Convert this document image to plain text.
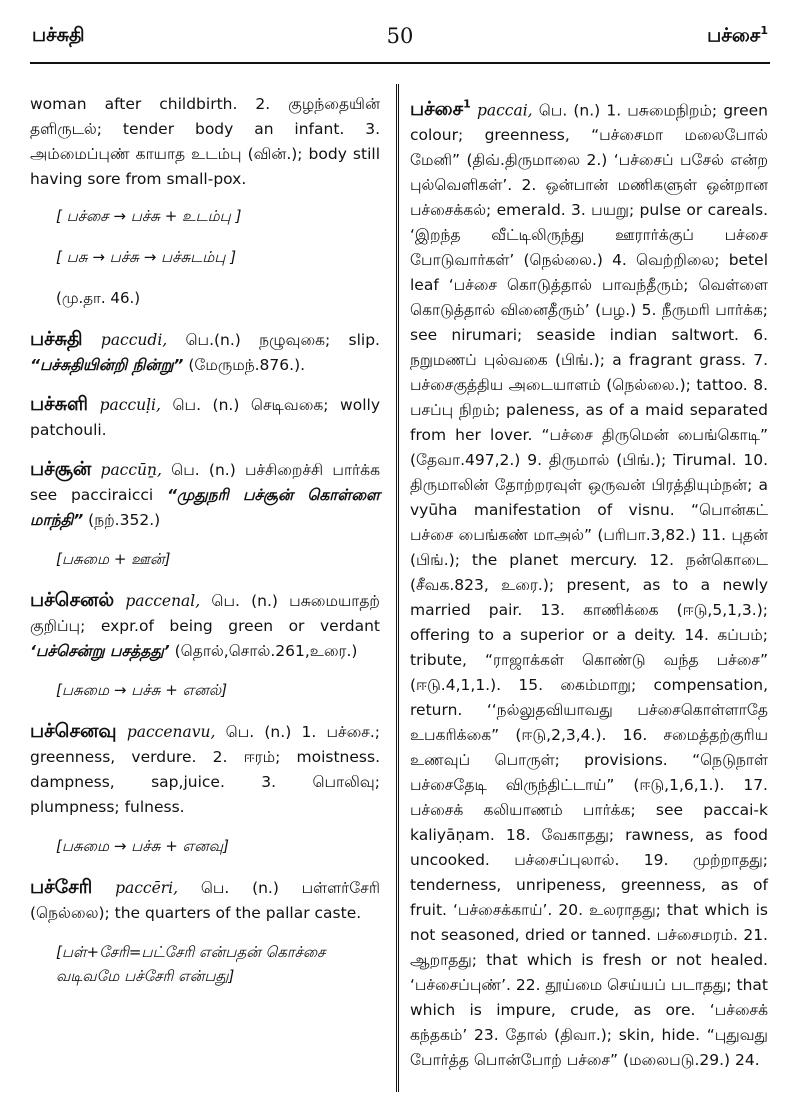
பச்சுதி	50	பச்சை$^1$

woman after childbirth. 2. குழந்தையின் தளிருடல்; tender body an infant. 3. அம்மைப்புண் காயாத உடம்பு (வின்.); body still having sore from small-pox.

[ பச்சை → பச்சு + உடம்பு ]
[ பசு → பச்சு → பச்சுடம்பு ]
(மு.தா. 46.)

பச்சுதி paccudi, பெ.(n.) நழுவுகை; slip. “பச்சுதியின்றி நின்று” (மேருமந்.876.).

பச்சுளி paccuḷi, பெ. (n.) செடிவகை; wolly patchouli.

பச்சூன் paccūṉ, பெ. (n.) பச்சிறைச்சி பார்க்க see pacciraicci “முதுநரி பச்சூன் கொள்ளை மாந்தி” (நற்.352.)

[பசுமை + ஊன்]

பச்செனல் paccenal, பெ. (n.) பசுமையாதற் குறிப்பு; expr.of being green or verdant ‘பச்சென்று பசத்தது’ (தொல்,சொல்.261,உரை.)

[பசுமை → பச்சு + எனல்]

பச்செனவு paccenavu, பெ. (n.) 1. பச்சை.; greenness, verdure. 2. ஈரம்; moistness. dampness, sap,juice. 3. பொலிவு; plumpness; fulness.

[பசுமை → பச்சு + எனவு]

பச்சேரி paccēri, பெ. (n.) பள்ளர்சேரி (நெல்லை); the quarters of the pallar caste.

[பள்+சேரி=பட்சேரி என்பதன் கொச்சை வடிவமே பச்சேரி என்பது]

பச்சை$^1$ paccai, பெ. (n.) 1. பசுமைநிறம்; green colour; greenness, “பச்சைமா மலைபோல் மேனி” (திவ்.திருமாலை 2.) ‘பச்சைப் பசேல் என்ற புல்வெளிகள்’. 2. ஒன்பான் மணிகளுள் ஒன்றான பச்சைக்கல்; emerald. 3. பயறு; pulse or careals. ‘இறந்த வீட்டிலிருந்து ஊரார்க்குப் பச்சை போடுவார்கள்’ (நெல்லை.) 4. வெற்றிலை; betel leaf ‘பச்சை கொடுத்தால் பாவந்தீரும்; வெள்ளை கொடுத்தால் வினைதீரும்’ (பழ.) 5. நீருமரி பார்க்க; see nirumari; seaside indian saltwort. 6. நறுமணப் புல்வகை (பிங்.); a fragrant grass. 7. பச்சைகுத்திய அடையாளம் (நெல்லை.); tattoo. 8. பசப்பு நிறம்; paleness, as of a maid separated from her lover. “பச்சை திருமென் பைங்கொடி” (தேவா.497,2.) 9. திருமால் (பிங்.); Tirumal. 10. திருமாலின் தோற்றரவுள் ஒருவன் பிரத்தியும்நன்; a vyūha manifestation of visnu. “பொன்கட் பச்சை பைங்கண் மாஅல்” (பரிபா.3,82.) 11. புதன் (பிங்.); the planet mercury. 12. நன்கொடை (சீவக.823, உரை.); present, as to a newly married pair. 13. காணிக்கை (ஈடு,5,1,3.); offering to a superior or a deity. 14. கப்பம்; tribute, “ராஜாக்கள் கொண்டு வந்த பச்சை” (ஈடு.4,1,1.). 15. கைம்மாறு; compensation, return. ‘‘நல்லுதவியாவது பச்சைகொள்ளாதே உபகரிக்கை” (ஈடு,2,3,4.). 16. சமைத்தற்குரிய உணவுப் பொருள்; provisions. “நெடுநாள் பச்சைதேடி விருந்திட்டாய்” (ஈடு,1,6,1.). 17. பச்சைக் கலியாணம் பார்க்க; see paccai-k kaliyāṇam. 18. வேகாதது; rawness, as food uncooked. பச்சைப்புலால். 19. முற்றாதது; tenderness, unripeness, greenness, as of fruit. ‘பச்சைக்காய்’. 20. உலராதது; that which is not seasoned, dried or tanned. பச்சைமரம். 21. ஆறாதது; that which is fresh or not healed. ‘பச்சைப்புண்’. 22. தூய்மை செய்யப் படாதது; that which is impure, crude, as ore. ‘பச்சைக் கந்தகம்’ 23. தோல் (திவா.); skin, hide. “புதுவது போர்த்த பொன்போற் பச்சை” (மலைபடு.29.) 24.
